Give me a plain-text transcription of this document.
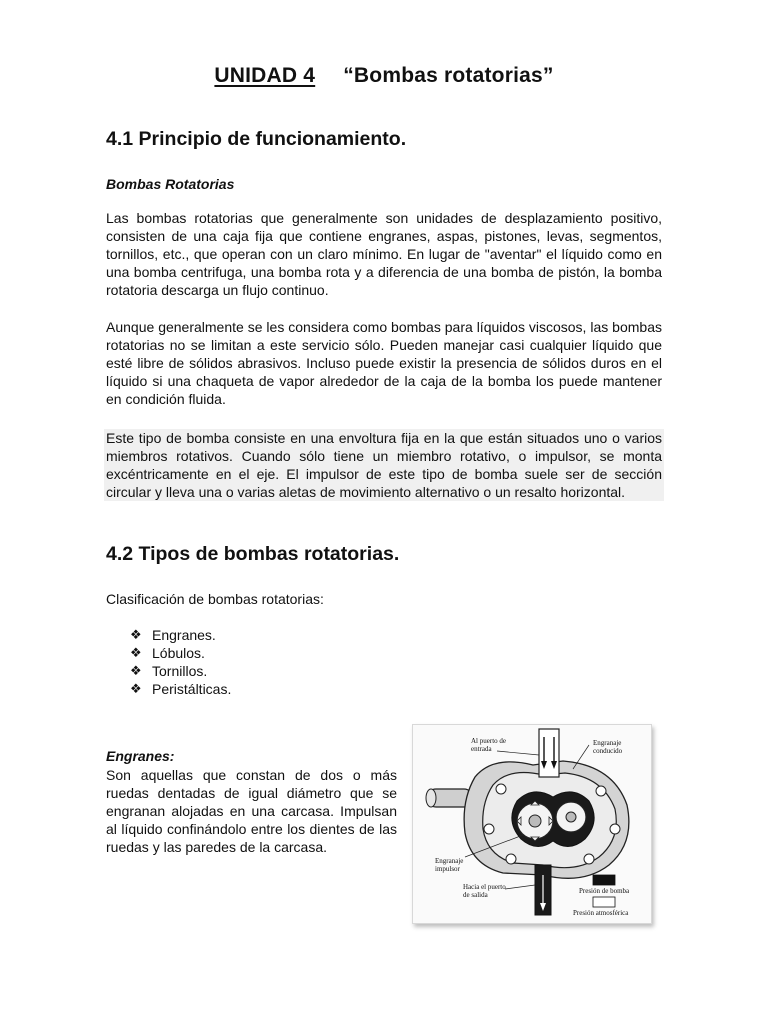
UNIDAD 4 “Bombas rotatorias”
4.1 Principio de funcionamiento.
Bombas Rotatorias

Las bombas rotatorias que generalmente son unidades de desplazamiento positivo, consisten de una caja fija que contiene engranes, aspas, pistones, levas, segmentos, tornillos, etc., que operan con un claro mínimo. En lugar de "aventar" el líquido como en una bomba centrifuga, una bomba rota y a diferencia de una bomba de pistón, la bomba rotatoria descarga un flujo continuo.

Aunque generalmente se les considera como bombas para líquidos viscosos, las bombas rotatorias no se limitan a este servicio sólo. Pueden manejar casi cualquier líquido que esté libre de sólidos abrasivos. Incluso puede existir la presencia de sólidos duros en el líquido si una chaqueta de vapor alrededor de la caja de la bomba los puede mantener en condición fluida.

Este tipo de bomba consiste en una envoltura fija en la que están situados uno o varios miembros rotativos. Cuando sólo tiene un miembro rotativo, o impulsor, se monta excéntricamente en el eje. El impulsor de este tipo de bomba suele ser de sección circular y lleva una o varias aletas de movimiento alternativo o un resalto horizontal.

4.2 Tipos de bombas rotatorias.
Clasificación de bombas rotatorias:
❖ Engranes.
❖ Lóbulos.
❖ Tornillos.
❖ Peristálticas.
Engranes:

Son aquellas que constan de dos o más ruedas dentadas de igual diámetro que se engranan alojadas en una carcasa. Impulsan al líquido confinándolo entre los dientes de las ruedas y las paredes de la carcasa.

Al puerto de entrada
Engranaje conducido
Engranaje impulsor
Hacia el puerto de salida	Presión de bomba
Presión atmosférica
